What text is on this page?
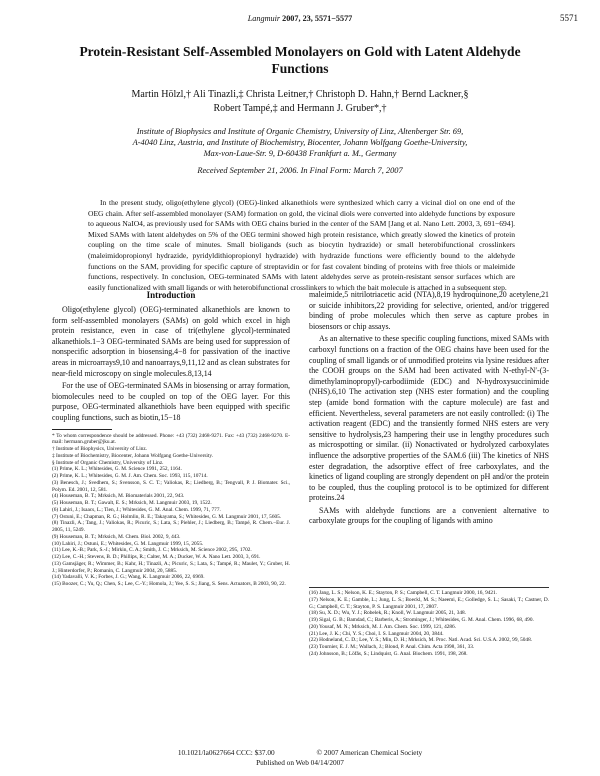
Langmuir 2007, 23, 5571−5577	5571
Protein-Resistant Self-Assembled Monolayers on Gold with Latent Aldehyde Functions
Martin Hölzl,† Ali Tinazli,‡ Christa Leitner,† Christoph D. Hahn,† Bernd Lackner,§
Robert Tampé,‡ and Hermann J. Gruber*,†
Institute of Biophysics and Institute of Organic Chemistry, University of Linz, Altenberger Str. 69,
A-4040 Linz, Austria, and Institute of Biochemistry, Biocenter, Johann Wolfgang Goethe-University,
Max-von-Laue-Str. 9, D-60438 Frankfurt a. M., Germany
Received September 21, 2006. In Final Form: March 7, 2007

In the present study, oligo(ethylene glycol) (OEG)-linked alkanethiols were synthesized which carry a vicinal diol on one end of the OEG chain. After self-assembled monolayer (SAM) formation on gold, the vicinal diols were converted into aldehyde functions by exposure to aqueous NaIO4, as previously used for SAMs with OEG chains buried in the center of the SAM [Jang et al. Nano Lett. 2003, 3, 691−694]. Mixed SAMs with latent aldehydes on 5% of the OEG termini showed high protein resistance, which greatly slowed the kinetics of protein coupling on the time scale of minutes. Small bioligands (such as biocytin hydrazide) or small heterobifunctional crosslinkers (maleimidopropionyl hydrazide, pyridyldithiopropionyl hydrazide) with hydrazide functions were efficiently bound to the aldehyde functions on the SAM, providing for specific capture of streptavidin or for fast covalent binding of proteins with free thiols or maleimide functions, respectively. In conclusion, OEG-terminated SAMs with latent aldehydes serve as protein-resistant sensor surfaces which are easily functionalized with small ligands or with heterobifunctional crosslinkers to which the bait molecule is attached in a subsequent step.

Introduction

Oligo(ethylene glycol) (OEG)-terminated alkanethiols are known to form self-assembled monolayers (SAMs) on gold which excel in high protein resistance, even in case of tri(ethylene glycol)-terminated alkanethiols.1−3 OEG-terminated SAMs are being used for suppression of nonspecific adsorption in biosensing,4−8 for passivation of the inactive areas in microarrays9,10 and nanoarrays,9,11,12 and as clean substrates for near-field microscopy on single molecules.8,13,14

For the use of OEG-terminated SAMs in biosensing or array formation, biomolecules need to be coupled on top of the OEG layer. For this purpose, OEG-terminated alkanethiols have been equipped with specific coupling functions, such as biotin,15−18

* To whom correspondence should be addressed. Phone: +43 (732) 2468-9271. Fax: +43 (732) 2468-9270. E-mail: hermann.gruber@jku.at.
† Institute of Biophysics, University of Linz.
‡ Institute of Biochemistry, Biocenter, Johann Wolfgang Goethe-University.
§ Institute of Organic Chemistry, University of Linz.
(1) Prime, K. L.; Whitesides, G. M. Science 1991, 252, 1164.
(2) Prime, K. L.; Whitesides, G. M. J. Am. Chem. Soc. 1993, 115, 10714.
(3) Benesch, J.; Svedhem, S.; Svensson, S. C. T.; Valiokas, R.; Liedberg, B.; Tengvall, P. J. Biomater. Sci., Polym. Ed. 2001, 12, 581.
(4) Houseman, B. T.; Mrksich, M. Biomaterials 2001, 22, 943.
(5) Houseman, B. T.; Gawalt, E. S.; Mrksich, M. Langmuir 2003, 19, 1522.
(6) Lahiri, J.; Isaacs, L.; Tien, J.; Whitesides, G. M. Anal. Chem. 1999, 71, 777.
(7) Ostuni, E.; Chapman, R. G.; Holmlin, R. E.; Takayama, S.; Whitesides, G. M. Langmuir 2001, 17, 5605.
(8) Tinazli, A.; Tang, J.; Valiokas, R.; Picuric, S.; Lata, S.; Piehler, J.; Liedberg, B.; Tampé, R. Chem.−Eur. J. 2005, 11, 5249.
(9) Houseman, B. T.; Mrksich, M. Chem. Biol. 2002, 9, 443.
(10) Lahiri, J.; Ostuni, E.; Whitesides, G. M. Langmuir 1999, 15, 2055.
(11) Lee, K.-B.; Park, S.-J.; Mirkin, C. A.; Smith, J. C.; Mrksich, M. Science 2002, 295, 1702.
(12) Lee, C.-H.; Stevens, B. D.; Phillips, R.; Calter, M. A.; Ducker, W. A. Nano Lett. 2003, 3, 691.
(13) Gamsjäger, R.; Wimmer, B.; Kahr, H.; Tinazli, A.; Picuric, S.; Lata, S.; Tampé, R.; Maulet, Y.; Gruber, H. J.; Hinterdorfer, P.; Romanin, C. Langmuir 2004, 20, 5885.
(14) Yadavalli, V. K.; Forbes, J. G.; Wang, K. Langmuir 2006, 22, 6969.
(15) Boozer, C.; Yu, Q.; Chen, S.; Lee, C.-Y.; Homola, J.; Yee, S. S.; Jiang, S. Sens. Actuators, B 2003, 90, 22.

maleimide,5 nitrilotriacetic acid (NTA),8,19 hydroquinone,20 acetylene,21 or suicide inhibitors,22 providing for selective, oriented, and/or triggered binding of probe molecules which then serve as capture probes in biosensors or chip assays.

As an alternative to these specific coupling functions, mixed SAMs with carboxyl functions on a fraction of the OEG chains have been used for the coupling of small ligands or of unmodified proteins via lysine residues after the COOH groups on the SAM had been activated with N-ethyl-N′-(3-dimethylaminopropyl)-carbodiimide (EDC) and N-hydroxysuccinimide (NHS).6,10 The activation step (NHS ester formation) and the coupling step (amide bond formation with the capture molecule) are fast and efficient. Nevertheless, several parameters are not easily controlled: (i) The activation reagent (EDC) and the transiently formed NHS esters are very sensitive to hydrolysis,23 hampering their use in lengthy procedures such as microspotting or similar. (ii) Nonactivated or hydrolyzed carboxylates influence the adsorptive properties of the SAM.6 (iii) The kinetics of NHS ester degradation, the adsorptive effect of free carboxylates, and the kinetics of ligand coupling are strongly dependent on pH and/or the protein to be coupled, thus the coupling protocol is to be optimized for different proteins.24

SAMs with aldehyde functions are a convenient alternative to carboxylate groups for the coupling of ligands with amino

(16) Jang, L. S.; Nelson, K. E.; Stayton, P. S.; Campbell, C. T. Langmuir 2000, 16, 9421.
(17) Nelson, K. E.; Gamble, L.; Jung, L. S.; Boeckl, M. S.; Naeemi, E.; Golledge, S. L.; Sasaki, T.; Castner, D. G.; Campbell, C. T.; Stayton, P. S. Langmuir 2001, 17, 2807.
(18) Su, X. D.; Wu, Y. J.; Robelek, R.; Knoll, W. Langmuir 2005, 21, 348.
(19) Sigal, G. B.; Bamdad, C.; Barberis, A.; Strominger, J.; Whitesides, G. M. Anal. Chem. 1996, 68, 490.
(20) Yousaf, M. N.; Mrksich, M. J. Am. Chem. Soc. 1999, 121, 4286.
(21) Lee, J. K.; Chi, Y. S.; Choi, I. S. Langmuir 2004, 20, 3844.
(22) Hodneland, C. D.; Lee, Y. S.; Min, D. H.; Mrksich, M. Proc. Natl. Acad. Sci. U.S.A. 2002, 99, 5048.
(23) Tournier, E. J. M.; Wallach, J.; Blond, P. Anal. Chim. Acta 1998, 361, 33.
(24) Johnsson, B.; Löfås, S.; Lindquist, G. Anal. Biochem. 1991, 198, 268.
10.1021/la0627664 CCC: $37.00	© 2007 American Chemical Society
Published on Web 04/14/2007
